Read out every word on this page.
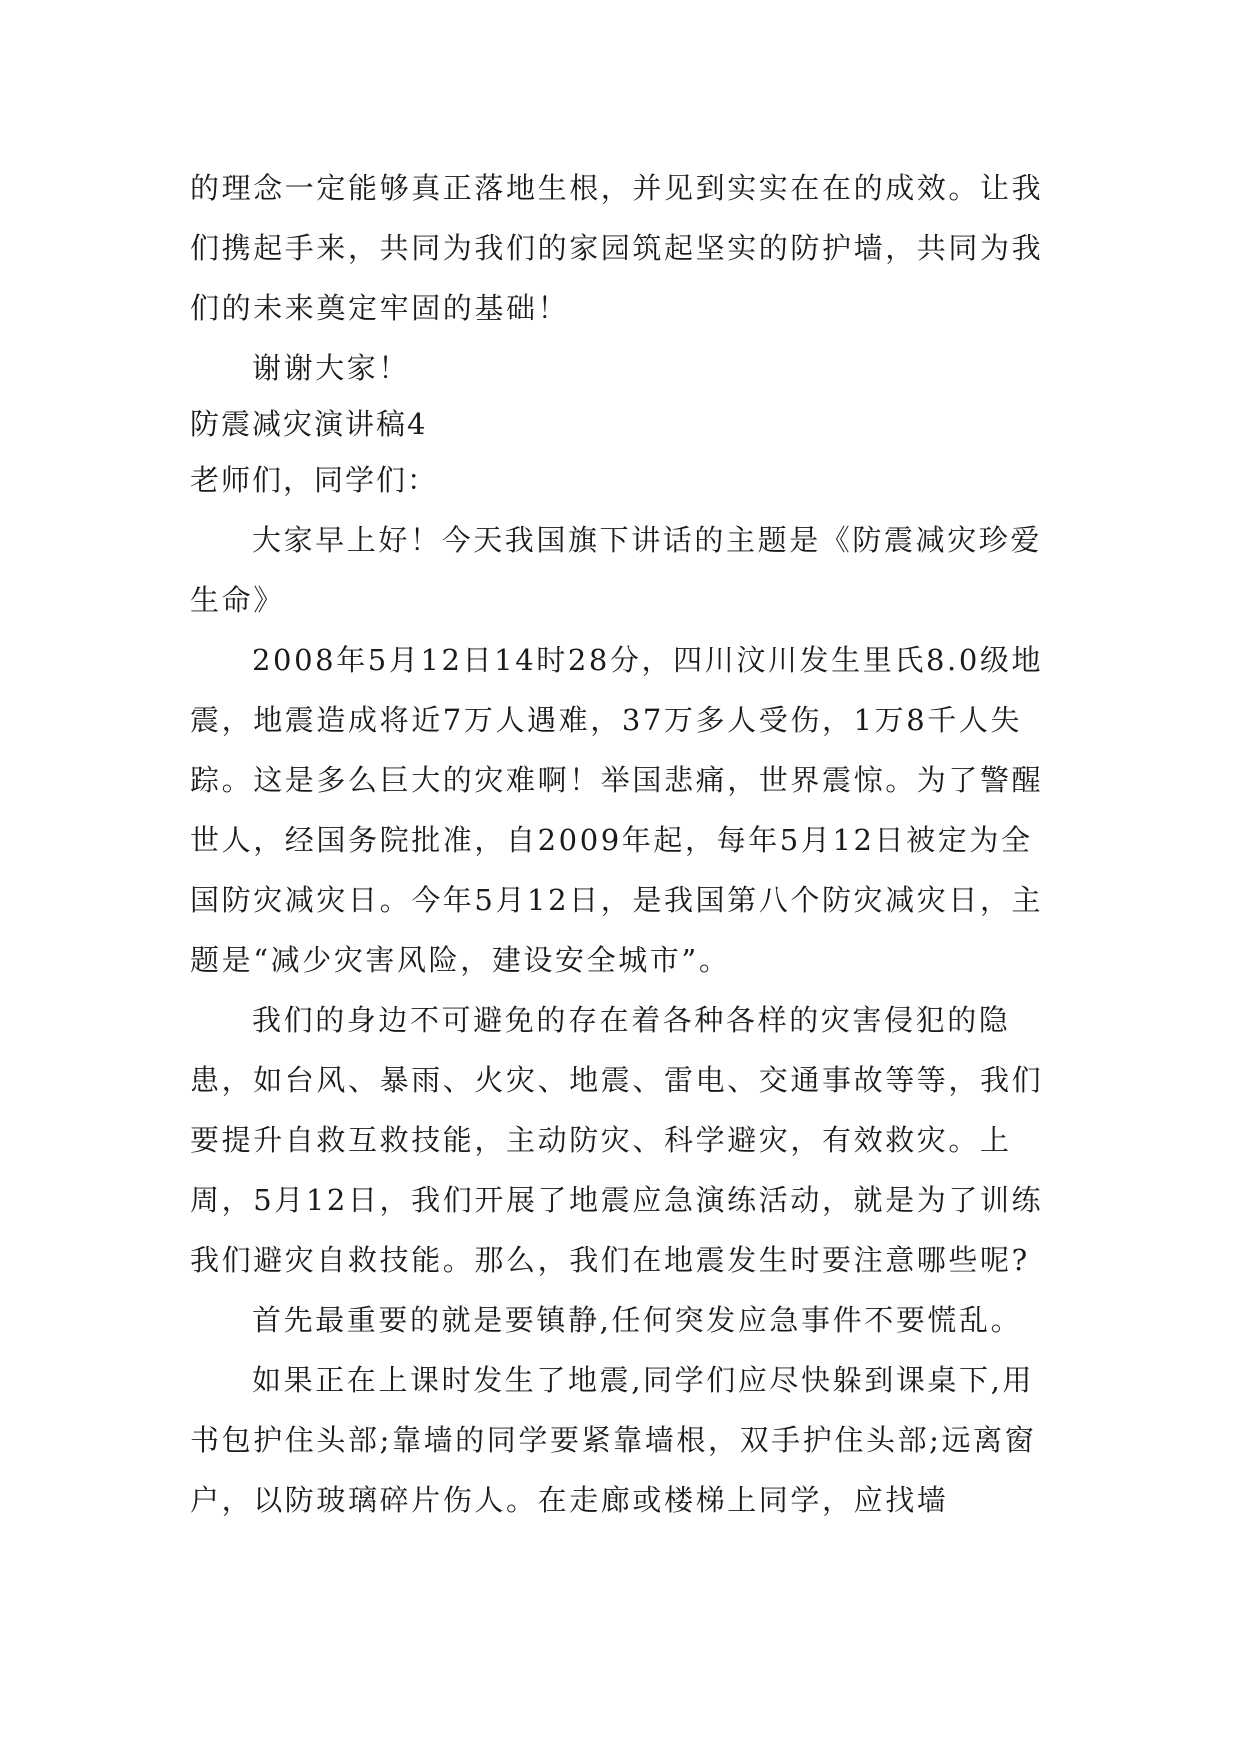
的理念一定能够真正落地生根，并见到实实在在的成效。让我们携起手来，共同为我们的家园筑起坚实的防护墙，共同为我们的未来奠定牢固的基础！

谢谢大家！

防震减灾演讲稿4

老师们，同学们：

大家早上好！今天我国旗下讲话的主题是《防震减灾珍爱生命》

2008年5月12日14时28分，四川汶川发生里氏8.0级地震，地震造成将近7万人遇难，37万多人受伤，1万8千人失踪。这是多么巨大的灾难啊！举国悲痛，世界震惊。为了警醒世人，经国务院批准，自2009年起，每年5月12日被定为全国防灾减灾日。今年5月12日，是我国第八个防灾减灾日，主题是“减少灾害风险，建设安全城市”。

我们的身边不可避免的存在着各种各样的灾害侵犯的隐患，如台风、暴雨、火灾、地震、雷电、交通事故等等，我们要提升自救互救技能，主动防灾、科学避灾，有效救灾。上周，5月12日，我们开展了地震应急演练活动，就是为了训练我们避灾自救技能。那么，我们在地震发生时要注意哪些呢?

首先最重要的就是要镇静,任何突发应急事件不要慌乱。

如果正在上课时发生了地震,同学们应尽快躲到课桌下,用书包护住头部;靠墙的同学要紧靠墙根，双手护住头部;远离窗户，以防玻璃碎片伤人。在走廊或楼梯上同学，应找墙
